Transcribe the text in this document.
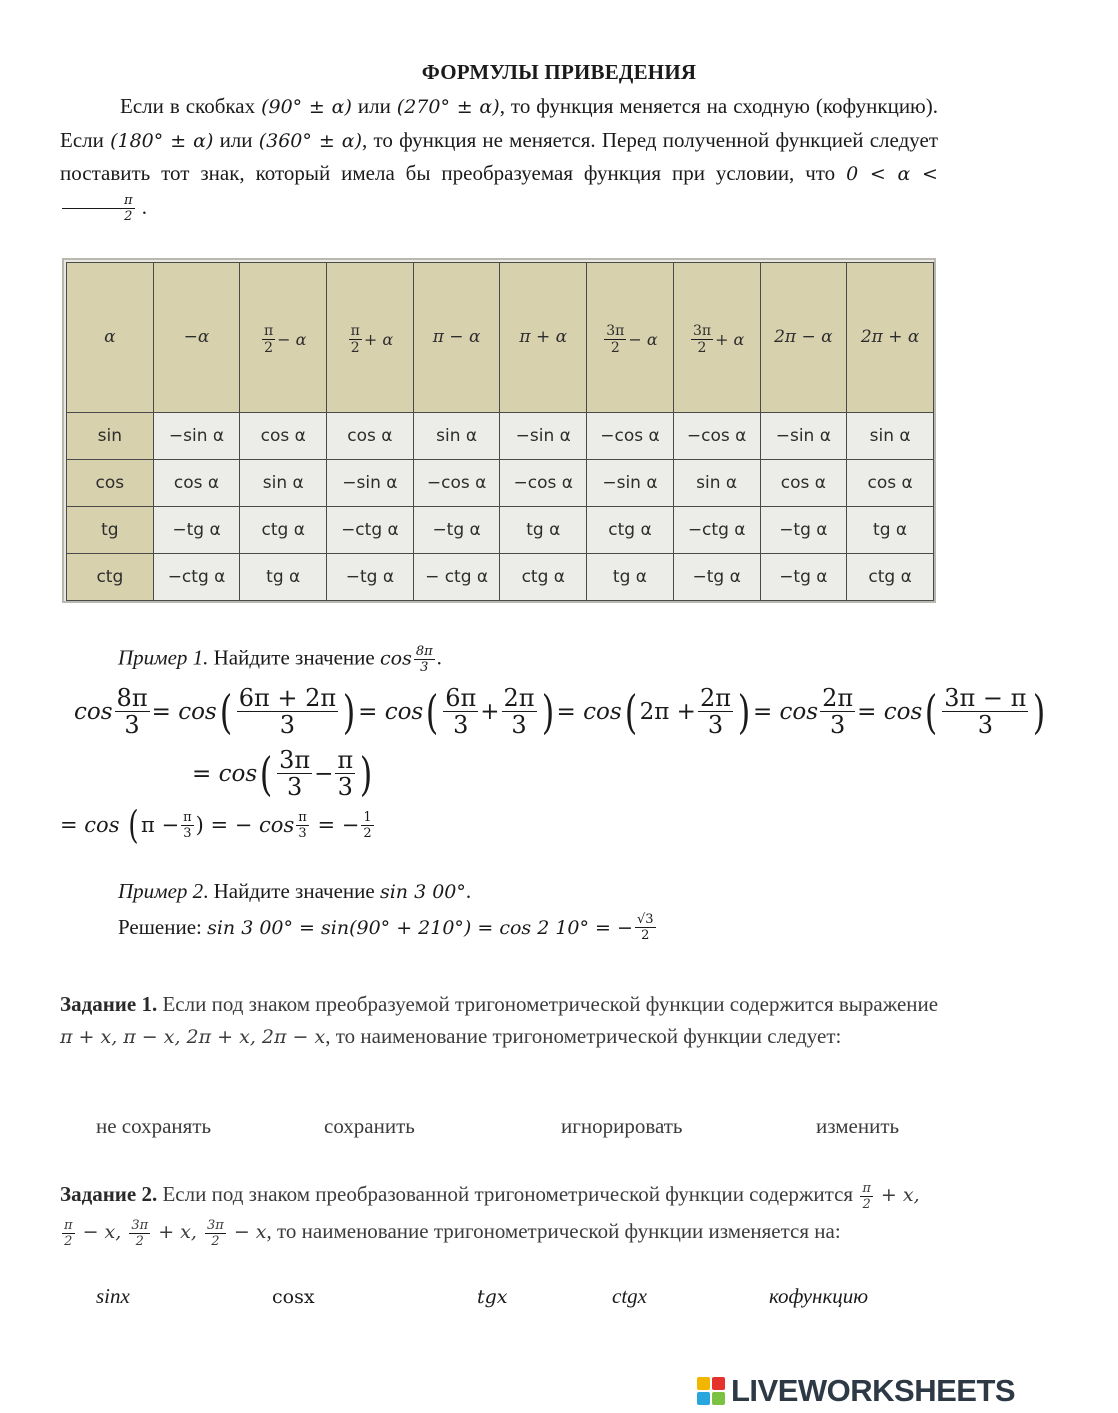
ФОРМУЛЫ ПРИВЕДЕНИЯ

Если в скобках (90° ± α) или (270° ± α), то функция меняется на сходную (кофункцию). Если (180° ± α) или (360° ± α), то функция не меняется. Перед полученной функцией следует поставить тот знак, который имела бы преобразуемая функция при условии, что 0 < α <
$\frac{\pi}{2}$ .

α	−α	$\frac{\pi}{2} - \alpha$	$\frac{\pi}{2} + \alpha$	π − α	π + α	$\frac{3\pi}{2} - \alpha$	$\frac{3\pi}{2} + \alpha$	2π − α	2π + α
sin	−sin α	cos α	cos α	sin α	−sin α	−cos α	−cos α	−sin α	sin α
cos	cos α	sin α	−sin α	−cos α	−cos α	−sin α	sin α	cos α	cos α
tg	−tg α	ctg α	−ctg α	−tg α	tg α	ctg α	−ctg α	−tg α	tg α
ctg	−ctg α	tg α	−tg α	− ctg α	ctg α	tg α	−tg α	−tg α	ctg α
Пример 1. Найдите значение $\cos \frac{8\pi}{3}$ .
$\cos \frac{8\pi}{3}$ =
cos ( $\frac{6\pi + 2\pi}{3}$ ) =
cos ( $\frac{6\pi}{3} + \frac{2\pi}{3}$ ) =
cos ( $2\pi + \frac{2\pi}{3}$ ) =
$\cos \frac{2\pi}{3}$ =
cos ( $\frac{3\pi - \pi}{3}$ )
=
cos ( $\frac{3\pi}{3} - \frac{\pi}{3}$ )
=
cos
( $\pi - \frac{\pi}{3}$ ) = − $\cos \frac{\pi}{3}$
= − $\frac{1}{2}$
Пример 2. Найдите значение sin 3 00°.
Решение:
sin 3 00° = sin(90° + 210°) = cos 2 10° = − $\frac{√3}{2}$
Задание 1. Если под знаком преобразуемой тригонометрической функции содержится выражение π + x, π − x, 2π + x, 2π − x, то наименование тригонометрической функции следует:
не сохранять	сохранить	игнорировать	изменить
Задание 2. Если под знаком преобразованной тригонометрической функции содержится $\frac{\pi}{2} + x$,
$\frac{\pi}{2} - x$, $\frac{3\pi}{2} + x$, $\frac{3\pi}{2} - x$, то наименование тригонометрической функции изменяется на:
sinx	cosx	tgx	ctgx	кофункцию
LIVEWORKSHEETS
